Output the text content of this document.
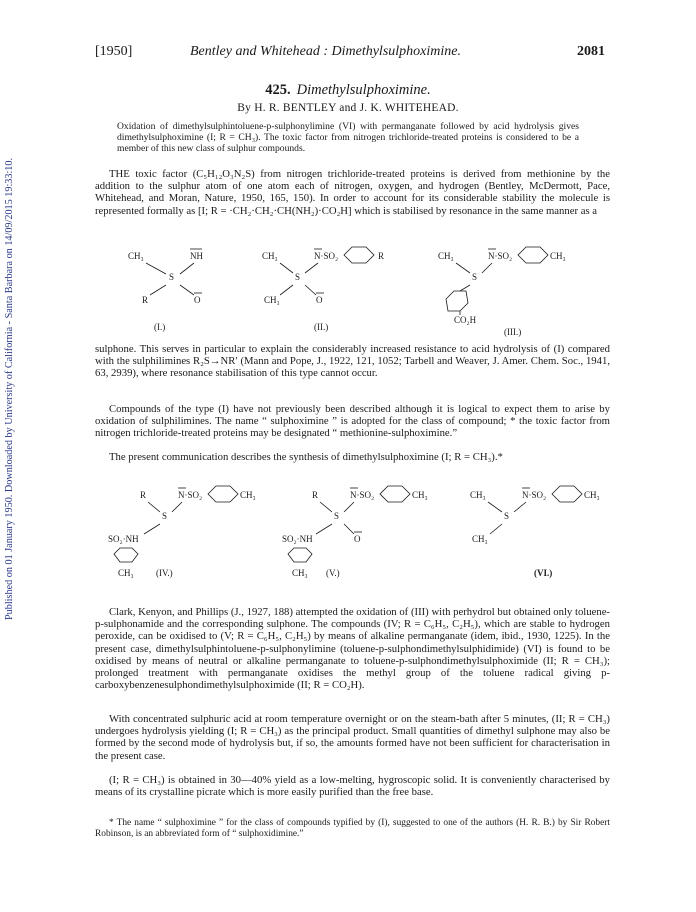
Published on 01 January 1950. Downloaded by University of California - Santa Barbara on 14/09/2015 19:33:10.
[1950]	Bentley and Whitehead : Dimethylsulphoximine.	2081
425. Dimethylsulphoximine.
By H. R. BENTLEY and J. K. WHITEHEAD.
Oxidation of dimethylsulphintoluene-p-sulphonylimine (VI) with permanganate followed by acid hydrolysis gives dimethylsulphoximine (I; R = CH₃). The toxic factor from nitrogen trichloride-treated proteins is considered to be a member of this new class of sulphur compounds.
THE toxic factor (C₅H₁₂O₃N₂S) from nitrogen trichloride-treated proteins is derived from methionine by the addition to the sulphur atom of one atom each of nitrogen, oxygen, and hydrogen (Bentley, McDermott, Pace, Whitehead, and Moran, Nature, 1950, 165, 150). In order to account for its considerable stability the molecule is represented formally as [I; R = ·CH₂·CH₂·CH(NH₂)·CO₂H] which is stabilised by resonance in the same manner as a
CH₃	NH
S
R	O
(I.)
CH₃	N·SO₂	R
S
CH₃	O
(II.)
CH₃	N·SO₂	CH₃
S
CO₂H
(III.)
sulphone. This serves in particular to explain the considerably increased resistance to acid hydrolysis of (I) compared with the sulphilimines R₂S→NR′ (Mann and Pope, J., 1922, 121, 1052; Tarbell and Weaver, J. Amer. Chem. Soc., 1941, 63, 2939), where resonance stabilisation of this type cannot occur.
Compounds of the type (I) have not previously been described although it is logical to expect them to arise by oxidation of sulphilimines. The name “ sulphoximine ” is adopted for the class of compound; * the toxic factor from nitrogen trichloride-treated proteins may be designated “ methionine-sulphoximine.”
The present communication describes the synthesis of dimethylsulphoximine (I; R = CH₃).*
R	N·SO₂	CH₃
S
SO₂·NH
CH₃ (IV.)
R	N·SO₂	CH₃
S
SO₂·NH	O
CH₃ (V.)
CH₃	N·SO₂	CH₃
S
CH₃
(VI.)
Clark, Kenyon, and Phillips (J., 1927, 188) attempted the oxidation of (III) with perhydrol but obtained only toluene-p-sulphonamide and the corresponding sulphone. The compounds (IV; R = C₆H₅, C₂H₅), which are stable to hydrogen peroxide, can be oxidised to (V; R = C₆H₅, C₂H₅) by means of alkaline permanganate (idem, ibid., 1930, 1225). In the present case, dimethylsulphintoluene-p-sulphonylimine (toluene-p-sulphondimethylsulphidimide) (VI) is found to be oxidised by means of neutral or alkaline permanganate to toluene-p-sulphondimethylsulphoximide (II; R = CH₃); prolonged treatment with permanganate oxidises the methyl group of the toluene radical giving p-carboxybenzenesulphondimethylsulphoximide (II; R = CO₂H).
With concentrated sulphuric acid at room temperature overnight or on the steam-bath after 5 minutes, (II; R = CH₃) undergoes hydrolysis yielding (I; R = CH₃) as the principal product. Small quantities of dimethyl sulphone may also be formed by the second mode of hydrolysis but, if so, the amounts formed have not been sufficient for characterisation in the present case.
(I; R = CH₃) is obtained in 30—40% yield as a low-melting, hygroscopic solid. It is conveniently characterised by means of its crystalline picrate which is more easily purified than the free base.
* The name “ sulphoximine ” for the class of compounds typified by (I), suggested to one of the authors (H. R. B.) by Sir Robert Robinson, is an abbreviated form of “ sulphoxidimine.”
